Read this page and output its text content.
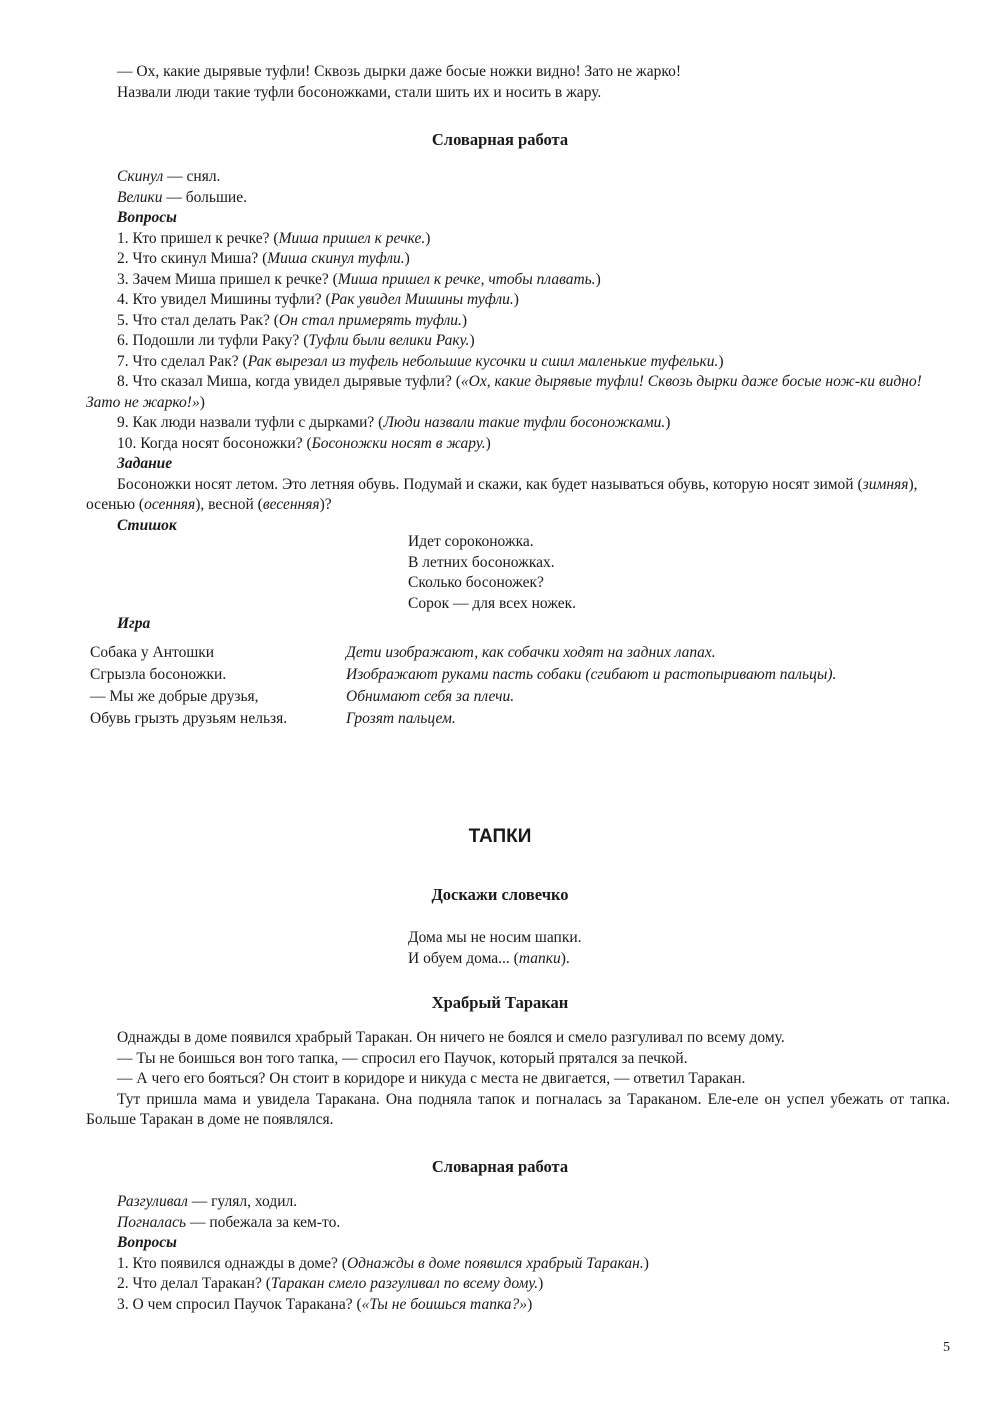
— Ох, какие дырявые туфли! Сквозь дырки даже босые ножки видно! Зато не жарко!

Назвали люди такие туфли босоножками, стали шить их и носить в жару.

Словарная работа

Скинул — снял.

Велики — большие.

Вопросы

1. Кто пришел к речке? (Миша пришел к речке.)

2. Что скинул Миша? (Миша скинул туфли.)

3. Зачем Миша пришел к речке? (Миша пришел к речке, чтобы плавать.)

4. Кто увидел Мишины туфли? (Рак увидел Мишины туфли.)

5. Что стал делать Рак? (Он стал примерять туфли.)

6. Подошли ли туфли Раку? (Туфли были велики Раку.)

7. Что сделал Рак? (Рак вырезал из туфель небольшие кусочки и сшил маленькие туфельки.)

8. Что сказал Миша, когда увидел дырявые туфли? («Ох, какие дырявые туфли! Сквозь дырки даже босые нож-ки видно! Зато не жарко!»)

9. Как люди назвали туфли с дырками? (Люди назвали такие туфли босоножками.)

10. Когда носят босоножки? (Босоножки носят в жару.)

Задание

Босоножки носят летом. Это летняя обувь. Подумай и скажи, как будет называться обувь, которую носят зимой (зимняя), осенью (осенняя), весной (весенняя)?

Стишок

Идет сороконожка.
В летних босоножках.
Сколько босоножек?
Сорок — для всех ножек.
Игра
Собака у Антошки	Дети изображают, как собачки ходят на задних лапах.
Сгрызла босоножки.	Изображают руками пасть собаки (сгибают и растопыривают пальцы).
— Мы же добрые друзья,	Обнимают себя за плечи.
Обувь грызть друзьям нельзя.	Грозят пальцем.
ТАПКИ
Доскажи словечко
Дома мы не носим шапки.
И обуем дома... (тапки).
Храбрый Таракан

Однажды в доме появился храбрый Таракан. Он ничего не боялся и смело разгуливал по всему дому.

— Ты не боишься вон того тапка, — спросил его Паучок, который прятался за печкой.

— А чего его бояться? Он стоит в коридоре и никуда с места не двигается, — ответил Таракан.

Тут пришла мама и увидела Таракана. Она подняла тапок и погналась за Тараканом. Еле-еле он успел убежать от тапка. Больше Таракан в доме не появлялся.

Словарная работа

Разгуливал — гулял, ходил.

Погналась — побежала за кем-то.

Вопросы

1. Кто появился однажды в доме? (Однажды в доме появился храбрый Таракан.)

2. Что делал Таракан? (Таракан смело разгуливал по всему дому.)

3. О чем спросил Паучок Таракана? («Ты не боишься тапка?»)

5
